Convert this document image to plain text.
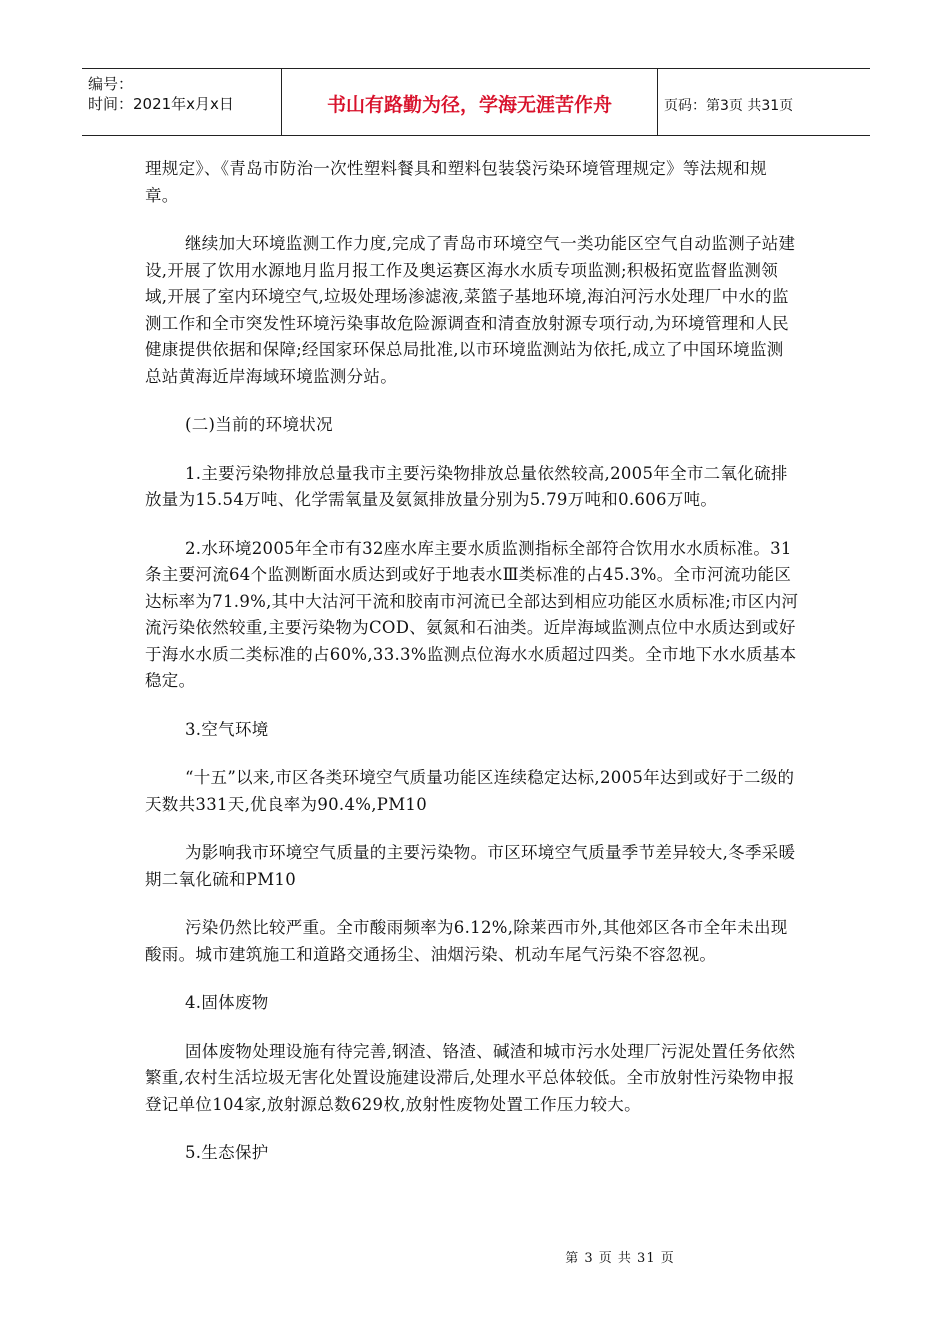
编号：
时间：2021年x月x日	书山有路勤为径，学海无涯苦作舟	页码：第3页 共31页

理规定》、《青岛市防治一次性塑料餐具和塑料包装袋污染环境管理规定》等法规和规章。

继续加大环境监测工作力度,完成了青岛市环境空气一类功能区空气自动监测子站建设,开展了饮用水源地月监月报工作及奥运赛区海水水质专项监测;积极拓宽监督监测领域,开展了室内环境空气,垃圾处理场渗滤液,菜篮子基地环境,海泊河污水处理厂中水的监测工作和全市突发性环境污染事故危险源调查和清查放射源专项行动,为环境管理和人民健康提供依据和保障;经国家环保总局批准,以市环境监测站为依托,成立了中国环境监测总站黄海近岸海域环境监测分站。

(二)当前的环境状况

1.主要污染物排放总量我市主要污染物排放总量依然较高,2005年全市二氧化硫排放量为15.54万吨、化学需氧量及氨氮排放量分别为5.79万吨和0.606万吨。

2.水环境2005年全市有32座水库主要水质监测指标全部符合饮用水水质标准。31条主要河流64个监测断面水质达到或好于地表水Ⅲ类标准的占45.3%。全市河流功能区达标率为71.9%,其中大沽河干流和胶南市河流已全部达到相应功能区水质标准;市区内河流污染依然较重,主要污染物为COD、氨氮和石油类。近岸海域监测点位中水质达到或好于海水水质二类标准的占60%,33.3%监测点位海水水质超过四类。全市地下水水质基本稳定。

3.空气环境

“十五”以来,市区各类环境空气质量功能区连续稳定达标,2005年达到或好于二级的天数共331天,优良率为90.4%,PM10

为影响我市环境空气质量的主要污染物。市区环境空气质量季节差异较大,冬季采暖期二氧化硫和PM10

污染仍然比较严重。全市酸雨频率为6.12%,除莱西市外,其他郊区各市全年未出现酸雨。城市建筑施工和道路交通扬尘、油烟污染、机动车尾气污染不容忽视。

4.固体废物

固体废物处理设施有待完善,钢渣、铬渣、碱渣和城市污水处理厂污泥处置任务依然繁重,农村生活垃圾无害化处置设施建设滞后,处理水平总体较低。全市放射性污染物申报登记单位104家,放射源总数629枚,放射性废物处置工作压力较大。

5.生态保护

第 3 页 共 31 页
